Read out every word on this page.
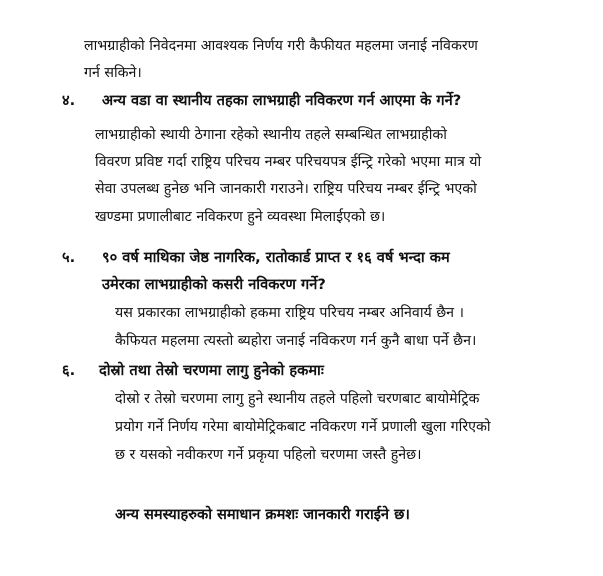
लाभग्राहीको निवेदनमा आवश्यक निर्णय गरी कैफीयत महलमा जनाई नविकरण
गर्न सकिने।
४. अन्य वडा वा स्थानीय तहका लाभग्राही नविकरण गर्न आएमा के गर्ने?
लाभग्राहीको स्थायी ठेगाना रहेको स्थानीय तहले सम्बन्धित लाभग्राहीको
विवरण प्रविष्ट गर्दा राष्ट्रिय परिचय नम्बर परिचयपत्र ईन्ट्रि गरेको भएमा मात्र यो
सेवा उपलब्ध हुनेछ भनि जानकारी गराउने। राष्ट्रिय परिचय नम्बर ईन्ट्रि भएको
खण्डमा प्रणालीबाट नविकरण हुने व्यवस्था मिलाईएको छ।
५. ९० वर्ष माथिका जेष्ठ नागरिक, रातोकार्ड प्राप्त र १६ वर्ष भन्दा कम
उमेरका लाभग्राहीको कसरी नविकरण गर्ने?
यस प्रकारका लाभग्राहीको हकमा राष्ट्रिय परिचय नम्बर अनिवार्य छैन ।
कैफियत महलमा त्यस्तो ब्यहोरा जनाई नविकरण गर्न कुनै बाधा पर्ने छैन।
६. दोस्रो तथा तेस्रो चरणमा लागु हुनेको हकमाः
दोस्रो र तेस्रो चरणमा लागु हुने स्थानीय तहले पहिलो चरणबाट बायोमेट्रिक
प्रयोग गर्ने निर्णय गरेमा बायोमेट्रिकबाट नविकरण गर्ने प्रणाली खुला गरिएको
छ र यसको नवीकरण गर्ने प्रकृया पहिलो चरणमा जस्तै हुनेछ।
अन्य समस्याहरुको समाधान क्रमशः जानकारी गराईने छ।
